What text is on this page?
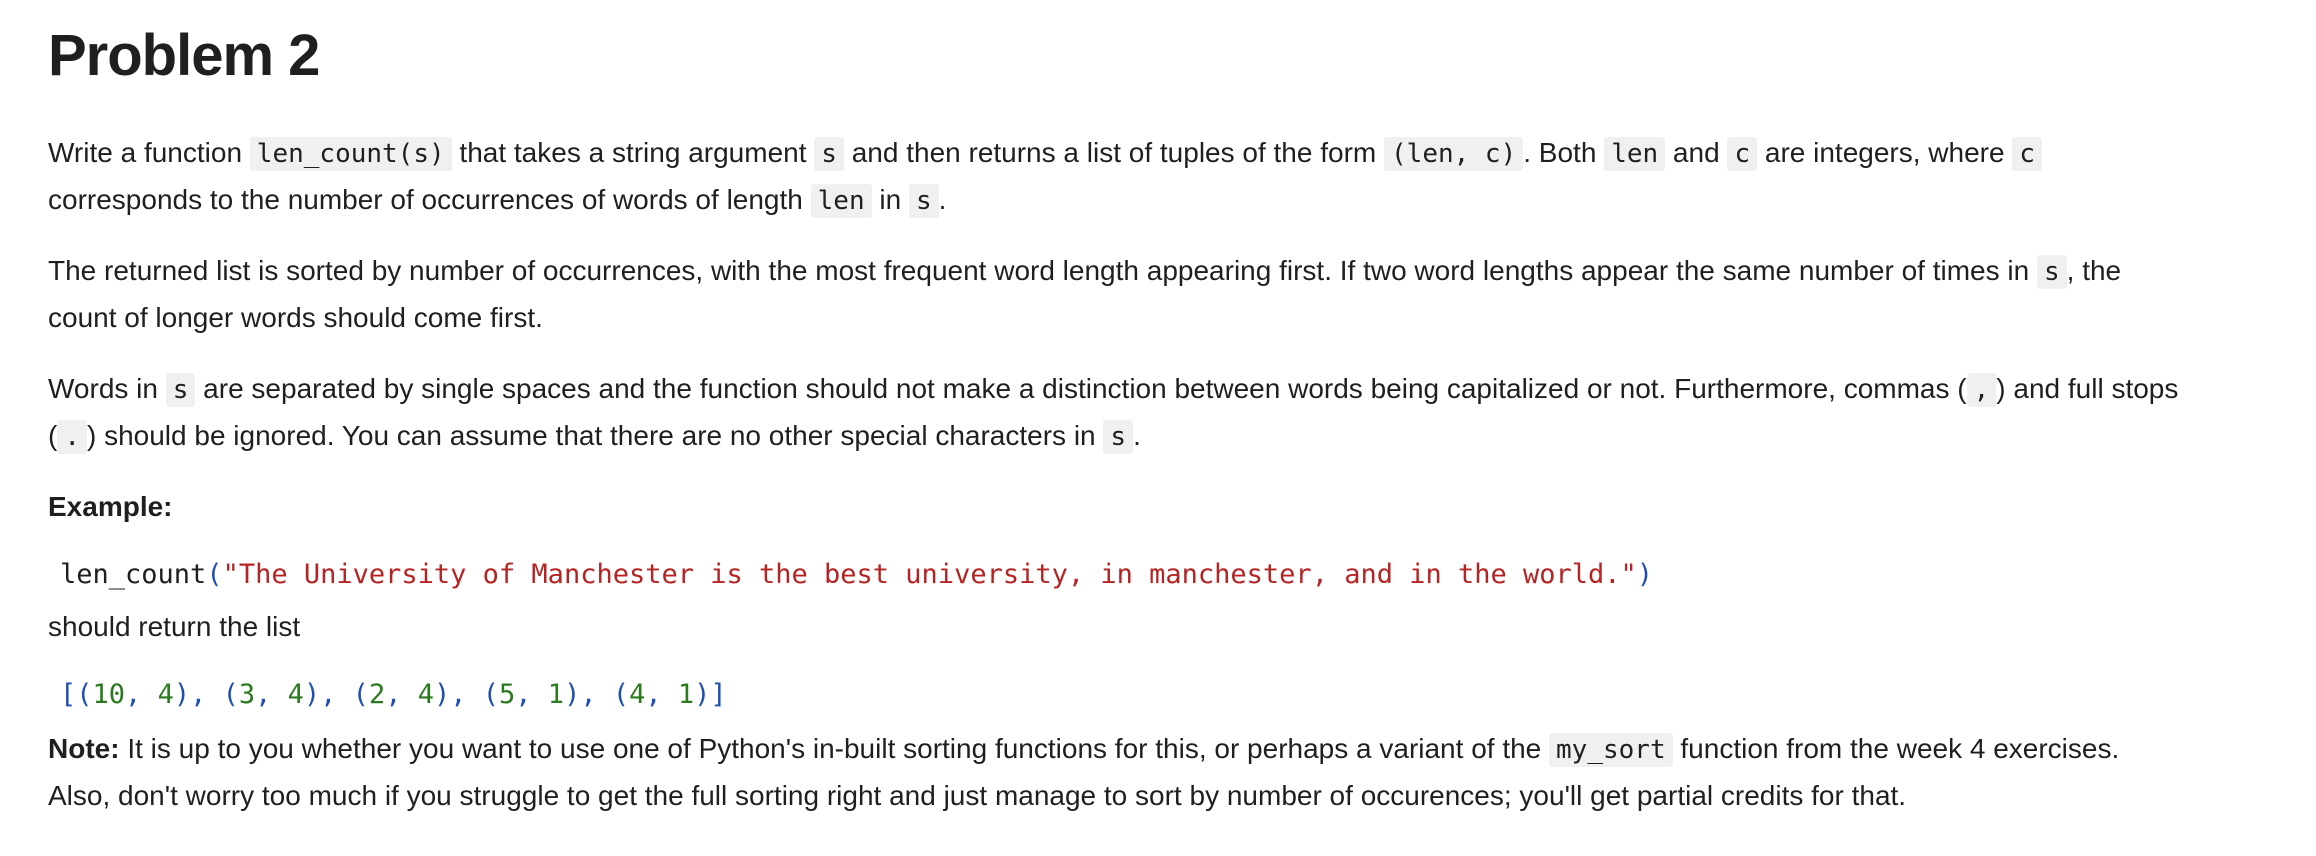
Problem 2
Write a function len_count(s) that takes a string argument s and then returns a list of tuples of the form (len, c) . Both len and c are integers, where c
corresponds to the number of occurrences of words of length len in s .
The returned list is sorted by number of occurrences, with the most frequent word length appearing first. If two word lengths appear the same number of times in s , the
count of longer words should come first.
Words in s are separated by single spaces and the function should not make a distinction between words being capitalized or not. Furthermore, commas ( , ) and full stops
( . ) should be ignored. You can assume that there are no other special characters in s .
Example:
len_count("The University of Manchester is the best university, in manchester, and in the world.")
should return the list
[(10, 4), (3, 4), (2, 4), (5, 1), (4, 1)]
Note: It is up to you whether you want to use one of Python's in-built sorting functions for this, or perhaps a variant of the my_sort function from the week 4 exercises.
Also, don't worry too much if you struggle to get the full sorting right and just manage to sort by number of occurences; you'll get partial credits for that.
